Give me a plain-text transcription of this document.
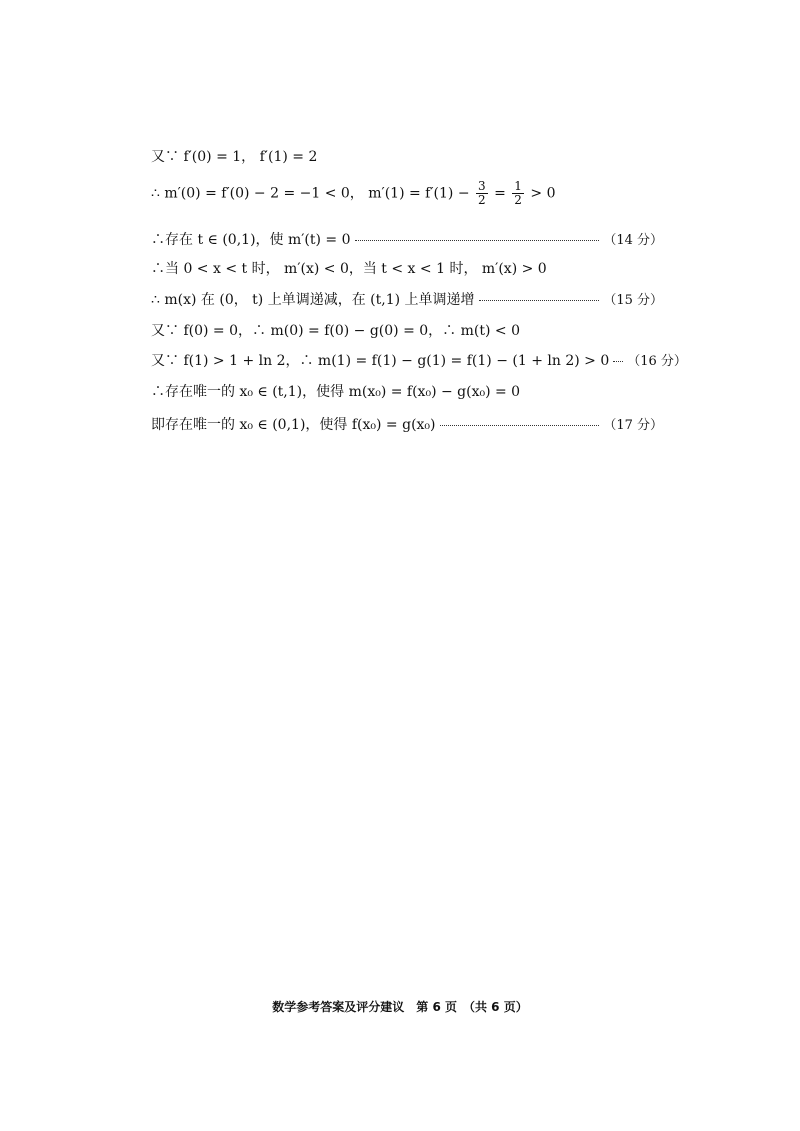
又∵ f′(0) = 1， f′(1) = 2
∴ m′(0) = f′(0) − 2 = −1 < 0， $m'(1) = f'(1) - \frac{3}{2} = \frac{1}{2} > 0$
∴存在 t ∈ (0,1)，使 m′(t) = 0	（14 分）
∴当 0 < x < t 时， m′(x) < 0，当 t < x < 1 时， m′(x) > 0
∴ m(x) 在 (0， t) 上单调递减，在 (t,1) 上单调递增	（15 分）
又∵ f(0) = 0，∴ m(0) = f(0) − g(0) = 0，∴ m(t) < 0
又∵ f(1) > 1 + ln 2，∴ m(1) = f(1) − g(1) = f(1) − (1 + ln 2) > 0 （16 分）
∴存在唯一的 x₀ ∈ (t,1)，使得 m(x₀) = f(x₀) − g(x₀) = 0
即存在唯一的 x₀ ∈ (0,1)，使得 f(x₀) = g(x₀)	（17 分）
数学参考答案及评分建议　第 6 页　（共 6 页）
